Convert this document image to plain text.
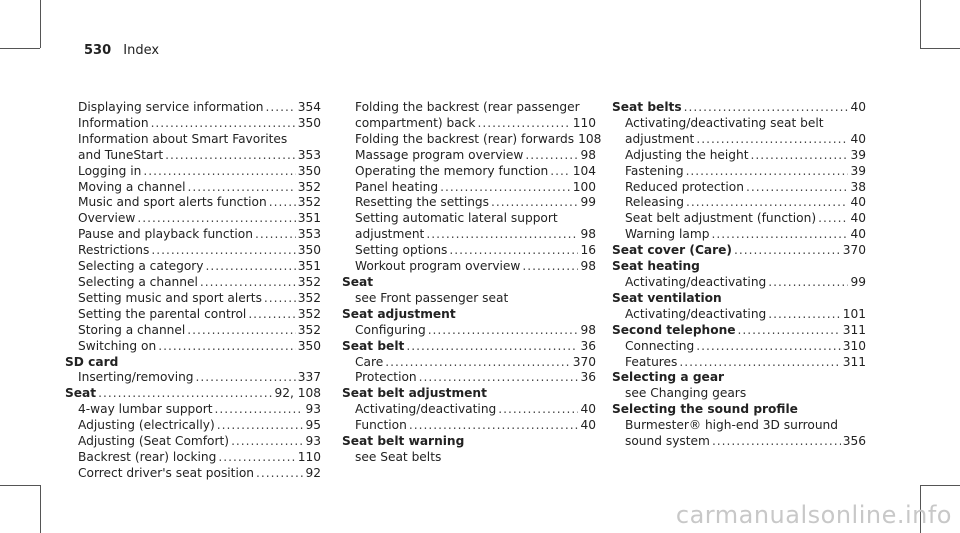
530 Index
Displaying service information .....	354
Information .....	350
Information about Smart Favorites
and TuneStart .....	353
Logging in .....	350
Moving a channel .....	352
Music and sport alerts function .....	352
Overview .....	351
Pause and playback function .....	353
Restrictions .....	350
Selecting a category .....	351
Selecting a channel .....	352
Setting music and sport alerts .....	352
Setting the parental control .....	352
Storing a channel .....	352
Switching on .....	350
SD card
Inserting/removing .....	337
Seat .....	92, 108
4-way lumbar support .....	93
Adjusting (electrically) .....	95
Adjusting (Seat Comfort) .....	93
Backrest (rear) locking .....	110
Correct driver's seat position .....	92
Folding the backrest (rear passenger
compartment) back .....	110
Folding the backrest (rear) forwards 108
Massage program overview .....	98
Operating the memory function ..... 104
Panel heating .....	100
Resetting the settings .....	99
Setting automatic lateral support
adjustment .....	98
Setting options .....	16
Workout program overview .....	98
Seat
see Front passenger seat
Seat adjustment
Configuring .....	98
Seat belt .....	36
Care .....	370
Protection .....	36
Seat belt adjustment
Activating/deactivating .....	40
Function .....	40
Seat belt warning
see Seat belts
Seat belts .....	40
Activating/deactivating seat belt
adjustment .....	40
Adjusting the height .....	39
Fastening .....	39
Reduced protection .....	38
Releasing .....	40
Seat belt adjustment (function) .....	40
Warning lamp .....	40
Seat cover (Care) .....	370
Seat heating
Activating/deactivating .....	99
Seat ventilation
Activating/deactivating .....	101
Second telephone .....	311
Connecting .....	310
Features .....	311
Selecting a gear
see Changing gears
Selecting the sound profile
Burmester® high-end 3D surround
sound system .....	356
carmanualsonline.info
